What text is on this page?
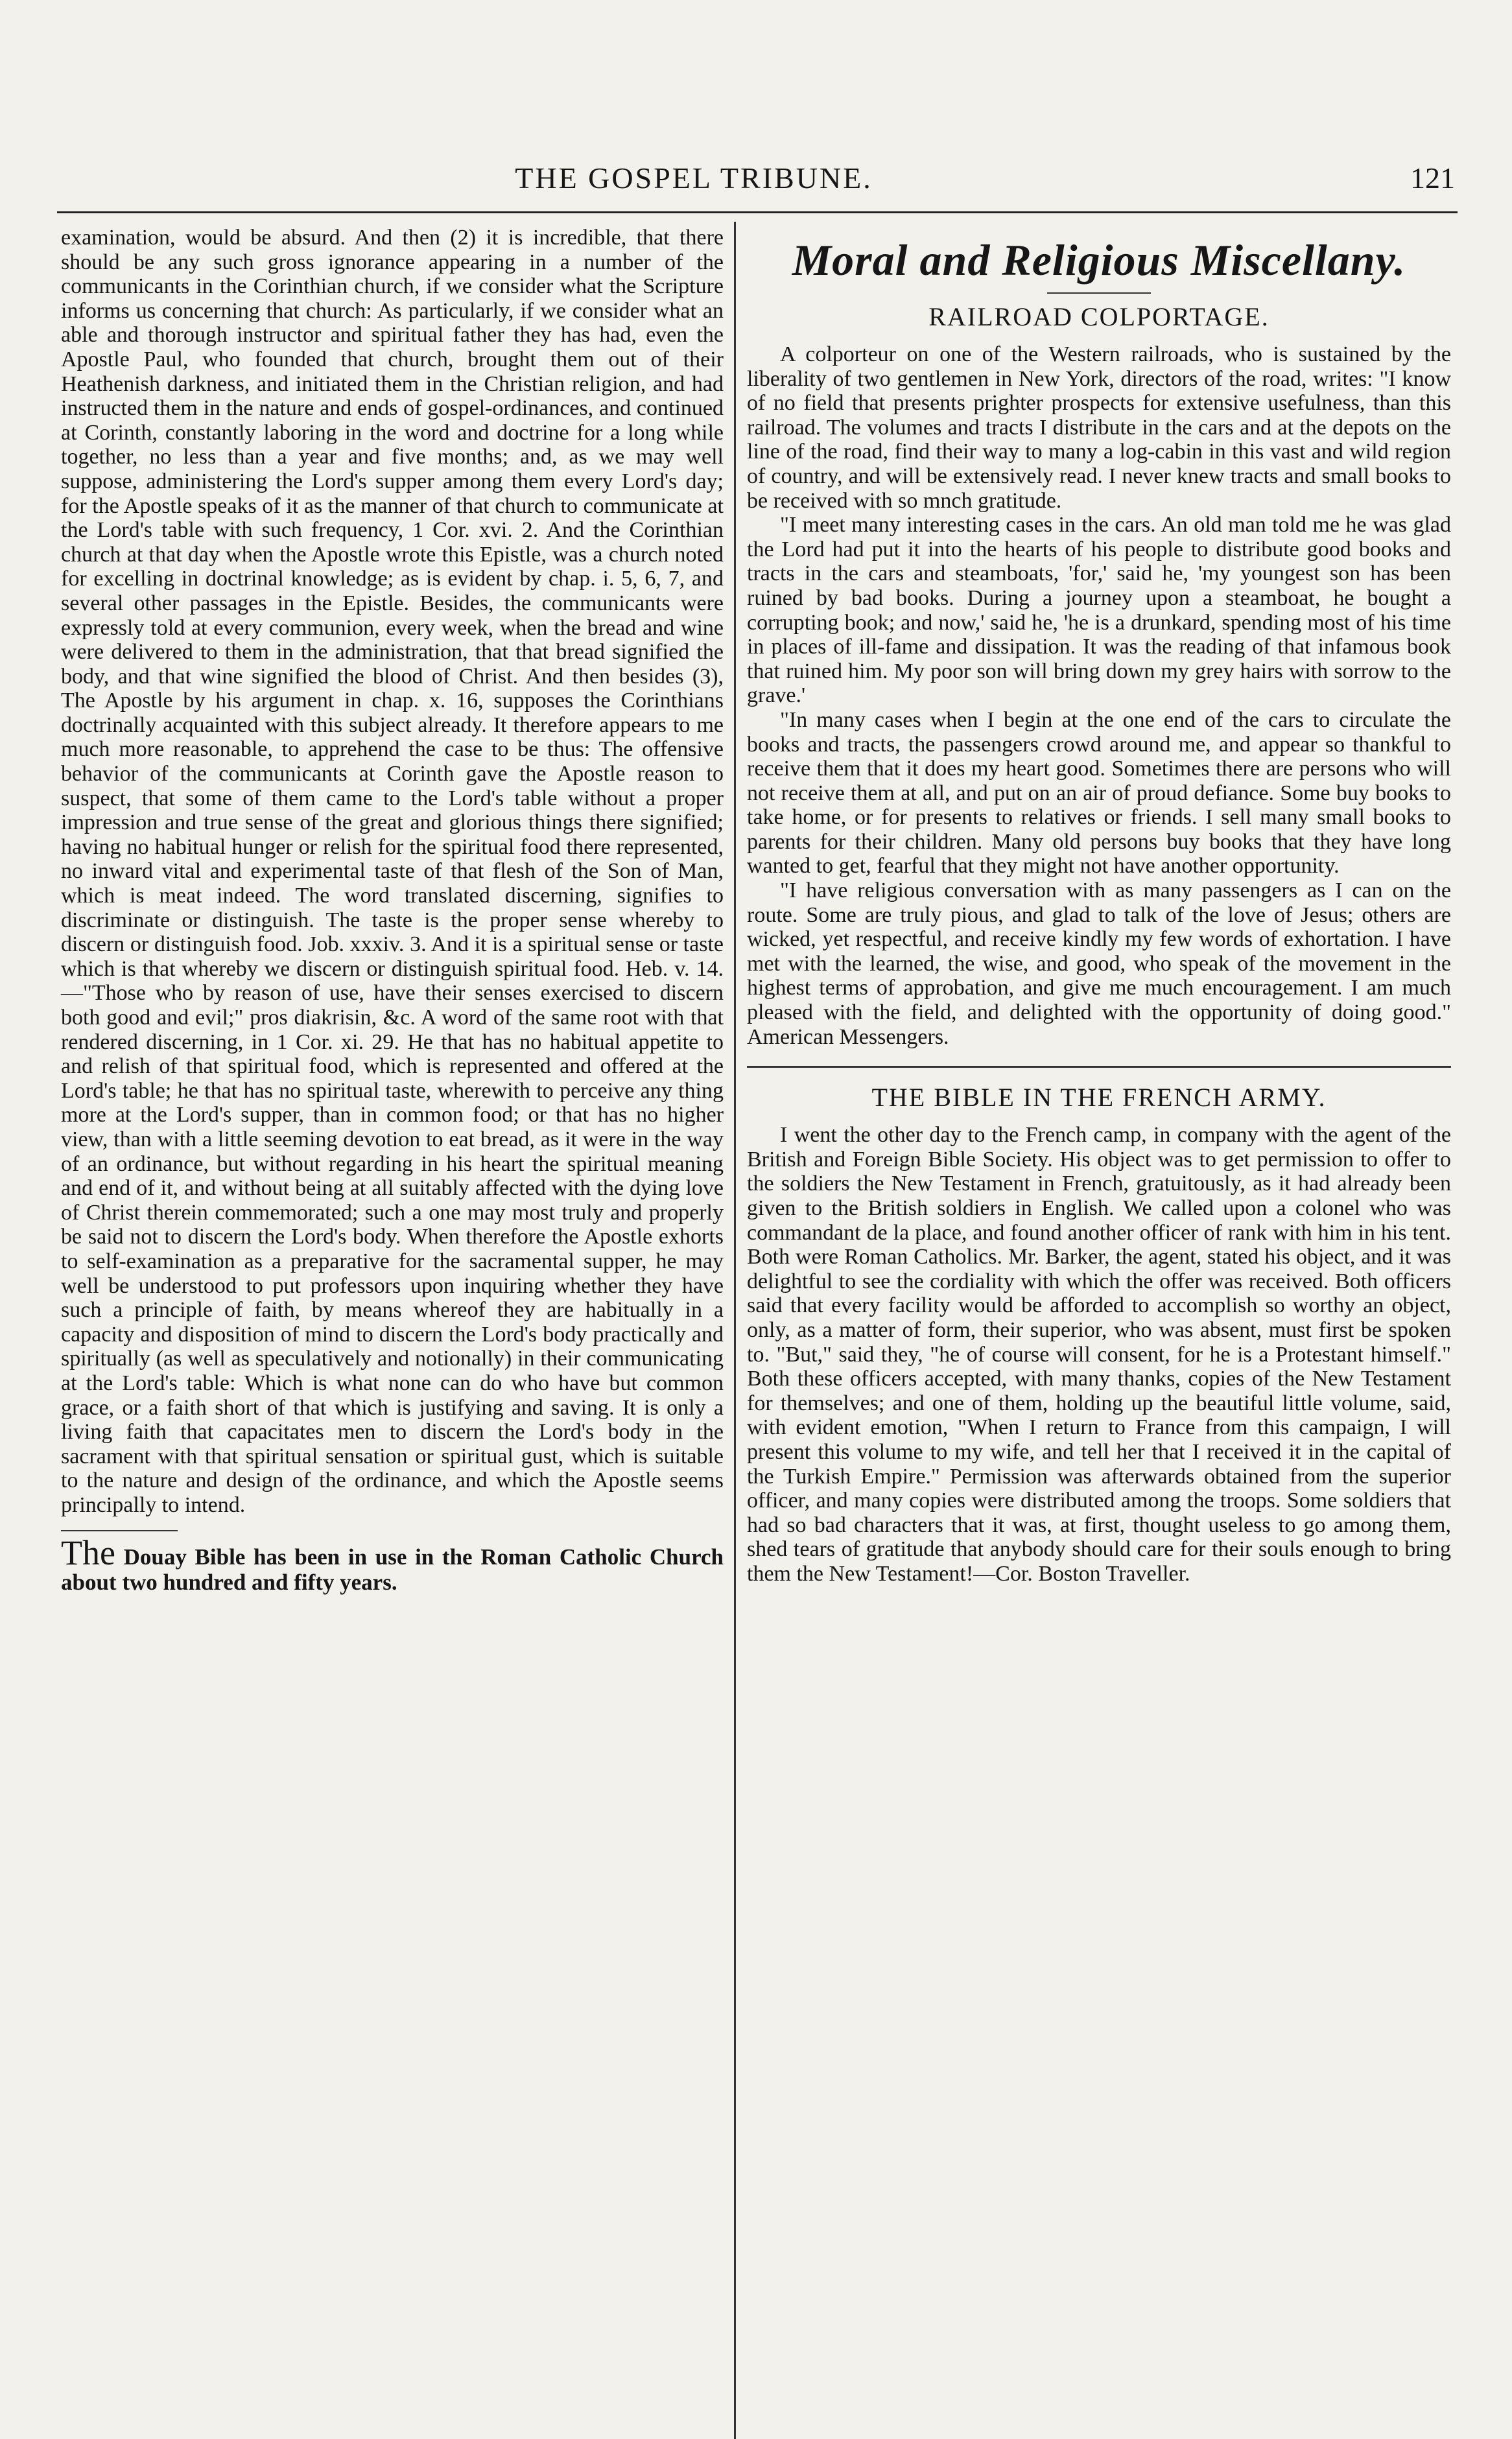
THE GOSPEL TRIBUNE.	121

examination, would be absurd. And then (2) it is incredible, that there should be any such gross ignorance appearing in a number of the communicants in the Corinthian church, if we consider what the Scripture informs us concerning that church: As particularly, if we consider what an able and thorough instructor and spiritual father they has had, even the Apostle Paul, who founded that church, brought them out of their Heathenish darkness, and initiated them in the Christian religion, and had instructed them in the nature and ends of gospel-ordinances, and continued at Corinth, constantly laboring in the word and doctrine for a long while together, no less than a year and five months; and, as we may well suppose, administering the Lord's supper among them every Lord's day; for the Apostle speaks of it as the manner of that church to communicate at the Lord's table with such frequency, 1 Cor. xvi. 2. And the Corinthian church at that day when the Apostle wrote this Epistle, was a church noted for excelling in doctrinal knowledge; as is evident by chap. i. 5, 6, 7, and several other passages in the Epistle. Besides, the communicants were expressly told at every communion, every week, when the bread and wine were delivered to them in the administration, that that bread signified the body, and that wine signified the blood of Christ. And then besides (3), The Apostle by his argument in chap. x. 16, supposes the Corinthians doctrinally acquainted with this subject already. It therefore appears to me much more reasonable, to apprehend the case to be thus: The offensive behavior of the communicants at Corinth gave the Apostle reason to suspect, that some of them came to the Lord's table without a proper impression and true sense of the great and glorious things there signified; having no habitual hunger or relish for the spiritual food there represented, no inward vital and experimental taste of that flesh of the Son of Man, which is meat indeed. The word translated discerning, signifies to discriminate or distinguish. The taste is the proper sense whereby to discern or distinguish food. Job. xxxiv. 3. And it is a spiritual sense or taste which is that whereby we discern or distinguish spiritual food. Heb. v. 14.—"Those who by reason of use, have their senses exercised to discern both good and evil;" pros diakrisin, &c. A word of the same root with that rendered discerning, in 1 Cor. xi. 29. He that has no habitual appetite to and relish of that spiritual food, which is represented and offered at the Lord's table; he that has no spiritual taste, wherewith to perceive any thing more at the Lord's supper, than in common food; or that has no higher view, than with a little seeming devotion to eat bread, as it were in the way of an ordinance, but without regarding in his heart the spiritual meaning and end of it, and without being at all suitably affected with the dying love of Christ therein commemorated; such a one may most truly and properly be said not to discern the Lord's body. When therefore the Apostle exhorts to self-examination as a preparative for the sacramental supper, he may well be understood to put professors upon inquiring whether they have such a principle of faith, by means whereof they are habitually in a capacity and disposition of mind to discern the Lord's body practically and spiritually (as well as speculatively and notionally) in their communicating at the Lord's table: Which is what none can do who have but common grace, or a faith short of that which is justifying and saving. It is only a living faith that capacitates men to discern the Lord's body in the sacrament with that spiritual sensation or spiritual gust, which is suitable to the nature and design of the ordinance, and which the Apostle seems principally to intend.

The Douay Bible has been in use in the Roman Catholic Church about two hundred and fifty years.

Moral and Religious Miscellany.
RAILROAD COLPORTAGE.

A colporteur on one of the Western railroads, who is sustained by the liberality of two gentlemen in New York, directors of the road, writes: "I know of no field that presents prighter prospects for extensive usefulness, than this railroad. The volumes and tracts I distribute in the cars and at the depots on the line of the road, find their way to many a log-cabin in this vast and wild region of country, and will be extensively read. I never knew tracts and small books to be received with so mnch gratitude.

"I meet many interesting cases in the cars. An old man told me he was glad the Lord had put it into the hearts of his people to distribute good books and tracts in the cars and steamboats, 'for,' said he, 'my youngest son has been ruined by bad books. During a journey upon a steamboat, he bought a corrupting book; and now,' said he, 'he is a drunkard, spending most of his time in places of ill-fame and dissipation. It was the reading of that infamous book that ruined him. My poor son will bring down my grey hairs with sorrow to the grave.'

"In many cases when I begin at the one end of the cars to circulate the books and tracts, the passengers crowd around me, and appear so thankful to receive them that it does my heart good. Sometimes there are persons who will not receive them at all, and put on an air of proud defiance. Some buy books to take home, or for presents to relatives or friends. I sell many small books to parents for their children. Many old persons buy books that they have long wanted to get, fearful that they might not have another opportunity.

"I have religious conversation with as many passengers as I can on the route. Some are truly pious, and glad to talk of the love of Jesus; others are wicked, yet respectful, and receive kindly my few words of exhortation. I have met with the learned, the wise, and good, who speak of the movement in the highest terms of approbation, and give me much encouragement. I am much pleased with the field, and delighted with the opportunity of doing good." American Messengers.

THE BIBLE IN THE FRENCH ARMY.

I went the other day to the French camp, in company with the agent of the British and Foreign Bible Society. His object was to get permission to offer to the soldiers the New Testament in French, gratuitously, as it had already been given to the British soldiers in English. We called upon a colonel who was commandant de la place, and found another officer of rank with him in his tent. Both were Roman Catholics. Mr. Barker, the agent, stated his object, and it was delightful to see the cordiality with which the offer was received. Both officers said that every facility would be afforded to accomplish so worthy an object, only, as a matter of form, their superior, who was absent, must first be spoken to. "But," said they, "he of course will consent, for he is a Protestant himself." Both these officers accepted, with many thanks, copies of the New Testament for themselves; and one of them, holding up the beautiful little volume, said, with evident emotion, "When I return to France from this campaign, I will present this volume to my wife, and tell her that I received it in the capital of the Turkish Empire." Permission was afterwards obtained from the superior officer, and many copies were distributed among the troops. Some soldiers that had so bad characters that it was, at first, thought useless to go among them, shed tears of gratitude that anybody should care for their souls enough to bring them the New Testament!—Cor. Boston Traveller.
